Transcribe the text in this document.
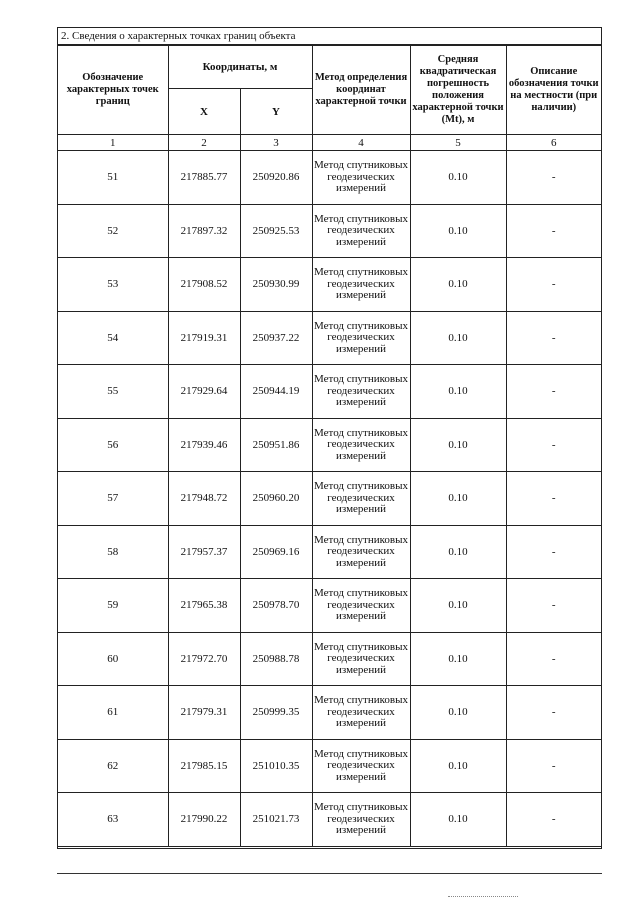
2. Сведения о характерных точках границ объекта
Обозначение характерных точек границ	Координаты, м		Метод определения координат характерной точки	Средняя квадратическая погрешность положения характерной точки (Mt), м	Описание обозначения точки на местности (при наличии)
	X	Y			
1	2	3	4	5	6
51	217885.77	250920.86	Метод спутниковых геодезических измерений	0.10	-
52	217897.32	250925.53	Метод спутниковых геодезических измерений	0.10	-
53	217908.52	250930.99	Метод спутниковых геодезических измерений	0.10	-
54	217919.31	250937.22	Метод спутниковых геодезических измерений	0.10	-
55	217929.64	250944.19	Метод спутниковых геодезических измерений	0.10	-
56	217939.46	250951.86	Метод спутниковых геодезических измерений	0.10	-
57	217948.72	250960.20	Метод спутниковых геодезических измерений	0.10	-
58	217957.37	250969.16	Метод спутниковых геодезических измерений	0.10	-
59	217965.38	250978.70	Метод спутниковых геодезических измерений	0.10	-
60	217972.70	250988.78	Метод спутниковых геодезических измерений	0.10	-
61	217979.31	250999.35	Метод спутниковых геодезических измерений	0.10	-
62	217985.15	251010.35	Метод спутниковых геодезических измерений	0.10	-
63	217990.22	251021.73	Метод спутниковых геодезических измерений	0.10	-
